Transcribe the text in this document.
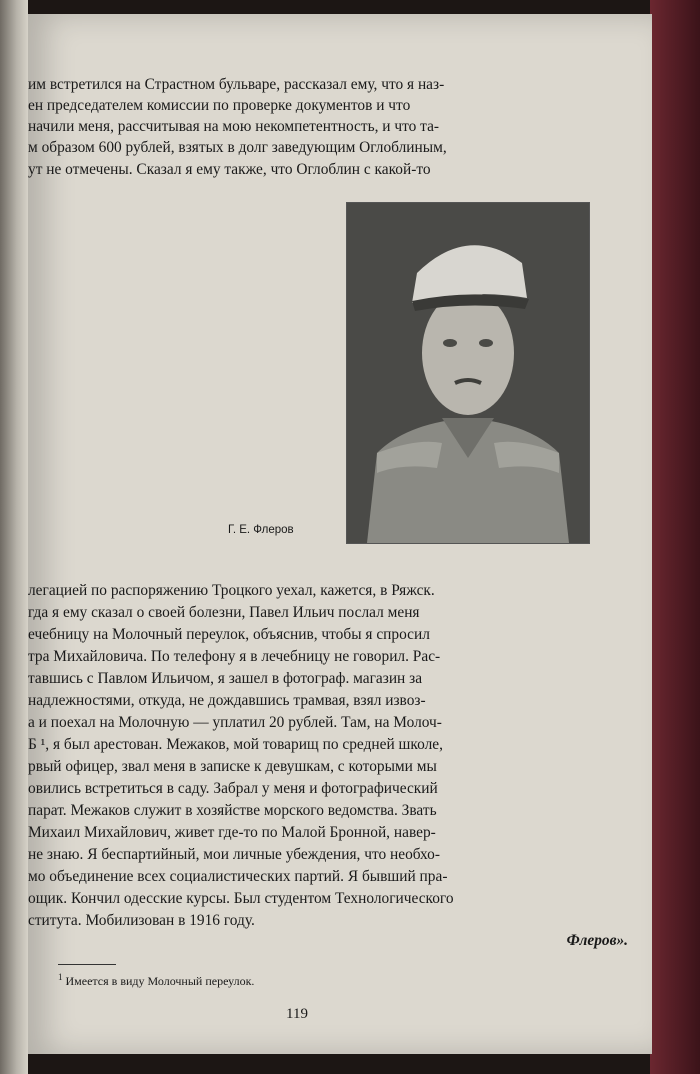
им встретился на Страстном бульваре, рассказал ему, что я наз-
ен председателем комиссии по проверке документов и что
начили меня, рассчитывая на мою некомпетентность, и что та-
м образом 600 рублей, взятых в долг заведующим Оглоблиным,
ут не отмечены. Сказал я ему также, что Оглоблин с какой-то
Г. Е. Флеров
легацией по распоряжению Троцкого уехал, кажется, в Ряжск.
гда я ему сказал о своей болезни, Павел Ильич послал меня
ечебницу на Молочный переулок, объяснив, чтобы я спросил
тра Михайловича. По телефону я в лечебницу не говорил. Рас-
тавшись с Павлом Ильичом, я зашел в фотограф. магазин за
надлежностями, откуда, не дождавшись трамвая, взял извоз-
а и поехал на Молочную — уплатил 20 рублей. Там, на Молоч-
Б ¹, я был арестован. Межаков, мой товарищ по средней школе,
рвый офицер, звал меня в записке к девушкам, с которыми мы
овились встретиться в саду. Забрал у меня и фотографический
парат. Межаков служит в хозяйстве морского ведомства. Звать
Михаил Михайлович, живет где-то по Малой Бронной, навер-
не знаю. Я беспартийный, мои личные убеждения, что необхо-
мо объединение всех социалистических партий. Я бывший пра-
ощик. Кончил одесские курсы. Был студентом Технологического
ститута. Мобилизован в 1916 году.
Флеров».
$^1$ Имеется в виду Молочный переулок.
119
